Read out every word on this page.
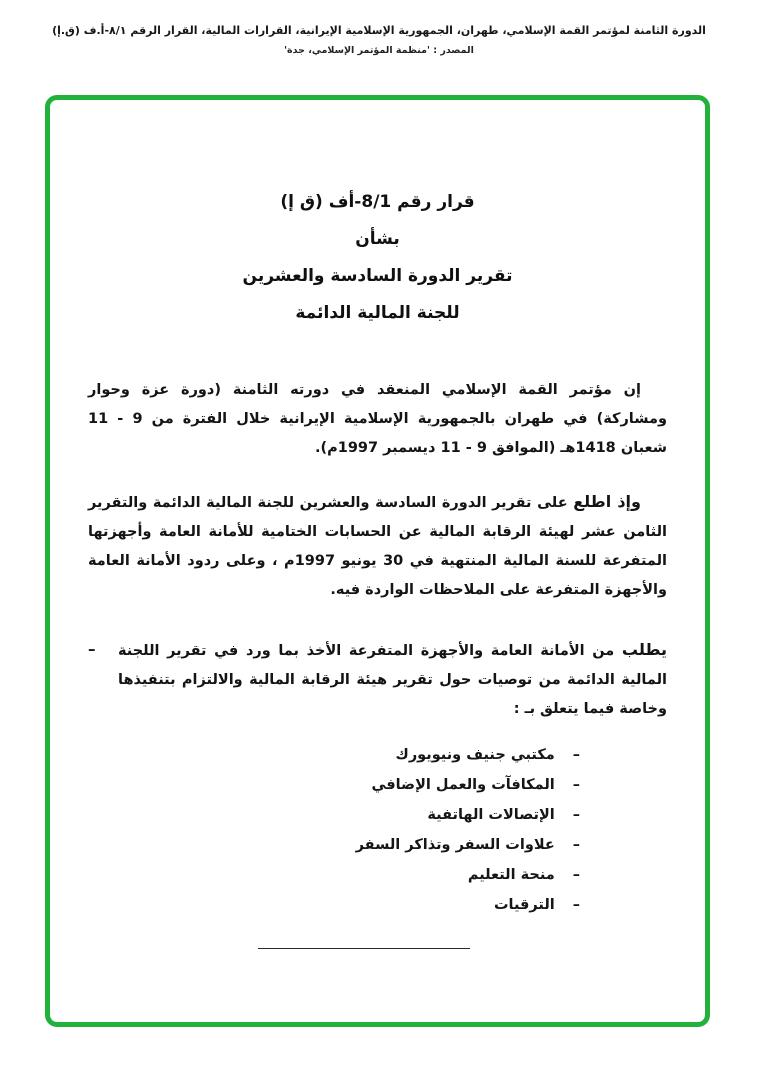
الدورة الثامنة لمؤتمر القمة الإسلامي، طهران، الجمهورية الإسلامية الإيرانية، القرارات المالية، القرار الرقم ٨/١-أ.ف (ق.إ)
المصدر : 'منظمة المؤتمر الإسلامي، جدة'
قرار رقم 8/1-أف (ق إ)
بشأن
تقرير الدورة السادسة والعشرين
للجنة المالية الدائمة

إن مؤتمر القمة الإسلامي المنعقد في دورته الثامنة (دورة عزة وحوار ومشاركة) في طهران بالجمهورية الإسلامية الإيرانية خلال الفترة من 9 - 11 شعبان 1418هـ (الموافق 9 - 11 ديسمبر 1997م).

وإذ اطلع على تقرير الدورة السادسة والعشرين للجنة المالية الدائمة والتقرير الثامن عشر لهيئة الرقابة المالية عن الحسابات الختامية للأمانة العامة وأجهزتها المتفرعة للسنة المالية المنتهية في 30 يونيو 1997م ، وعلى ردود الأمانة العامة والأجهزة المتفرعة على الملاحظات الواردة فيه.

–	يطلب من الأمانة العامة والأجهزة المتفرعة الأخذ بما ورد في تقرير اللجنة المالية الدائمة من توصيات حول تقرير هيئة الرقابة المالية والالتزام بتنفيذها وخاصة فيما يتعلق بـ :

–
مكتبي جنيف ونيويورك
–
المكافآت والعمل الإضافي
–
الإتصالات الهاتفية
–
علاوات السفر وتذاكر السفر
–
منحة التعليم
–
الترقيات
